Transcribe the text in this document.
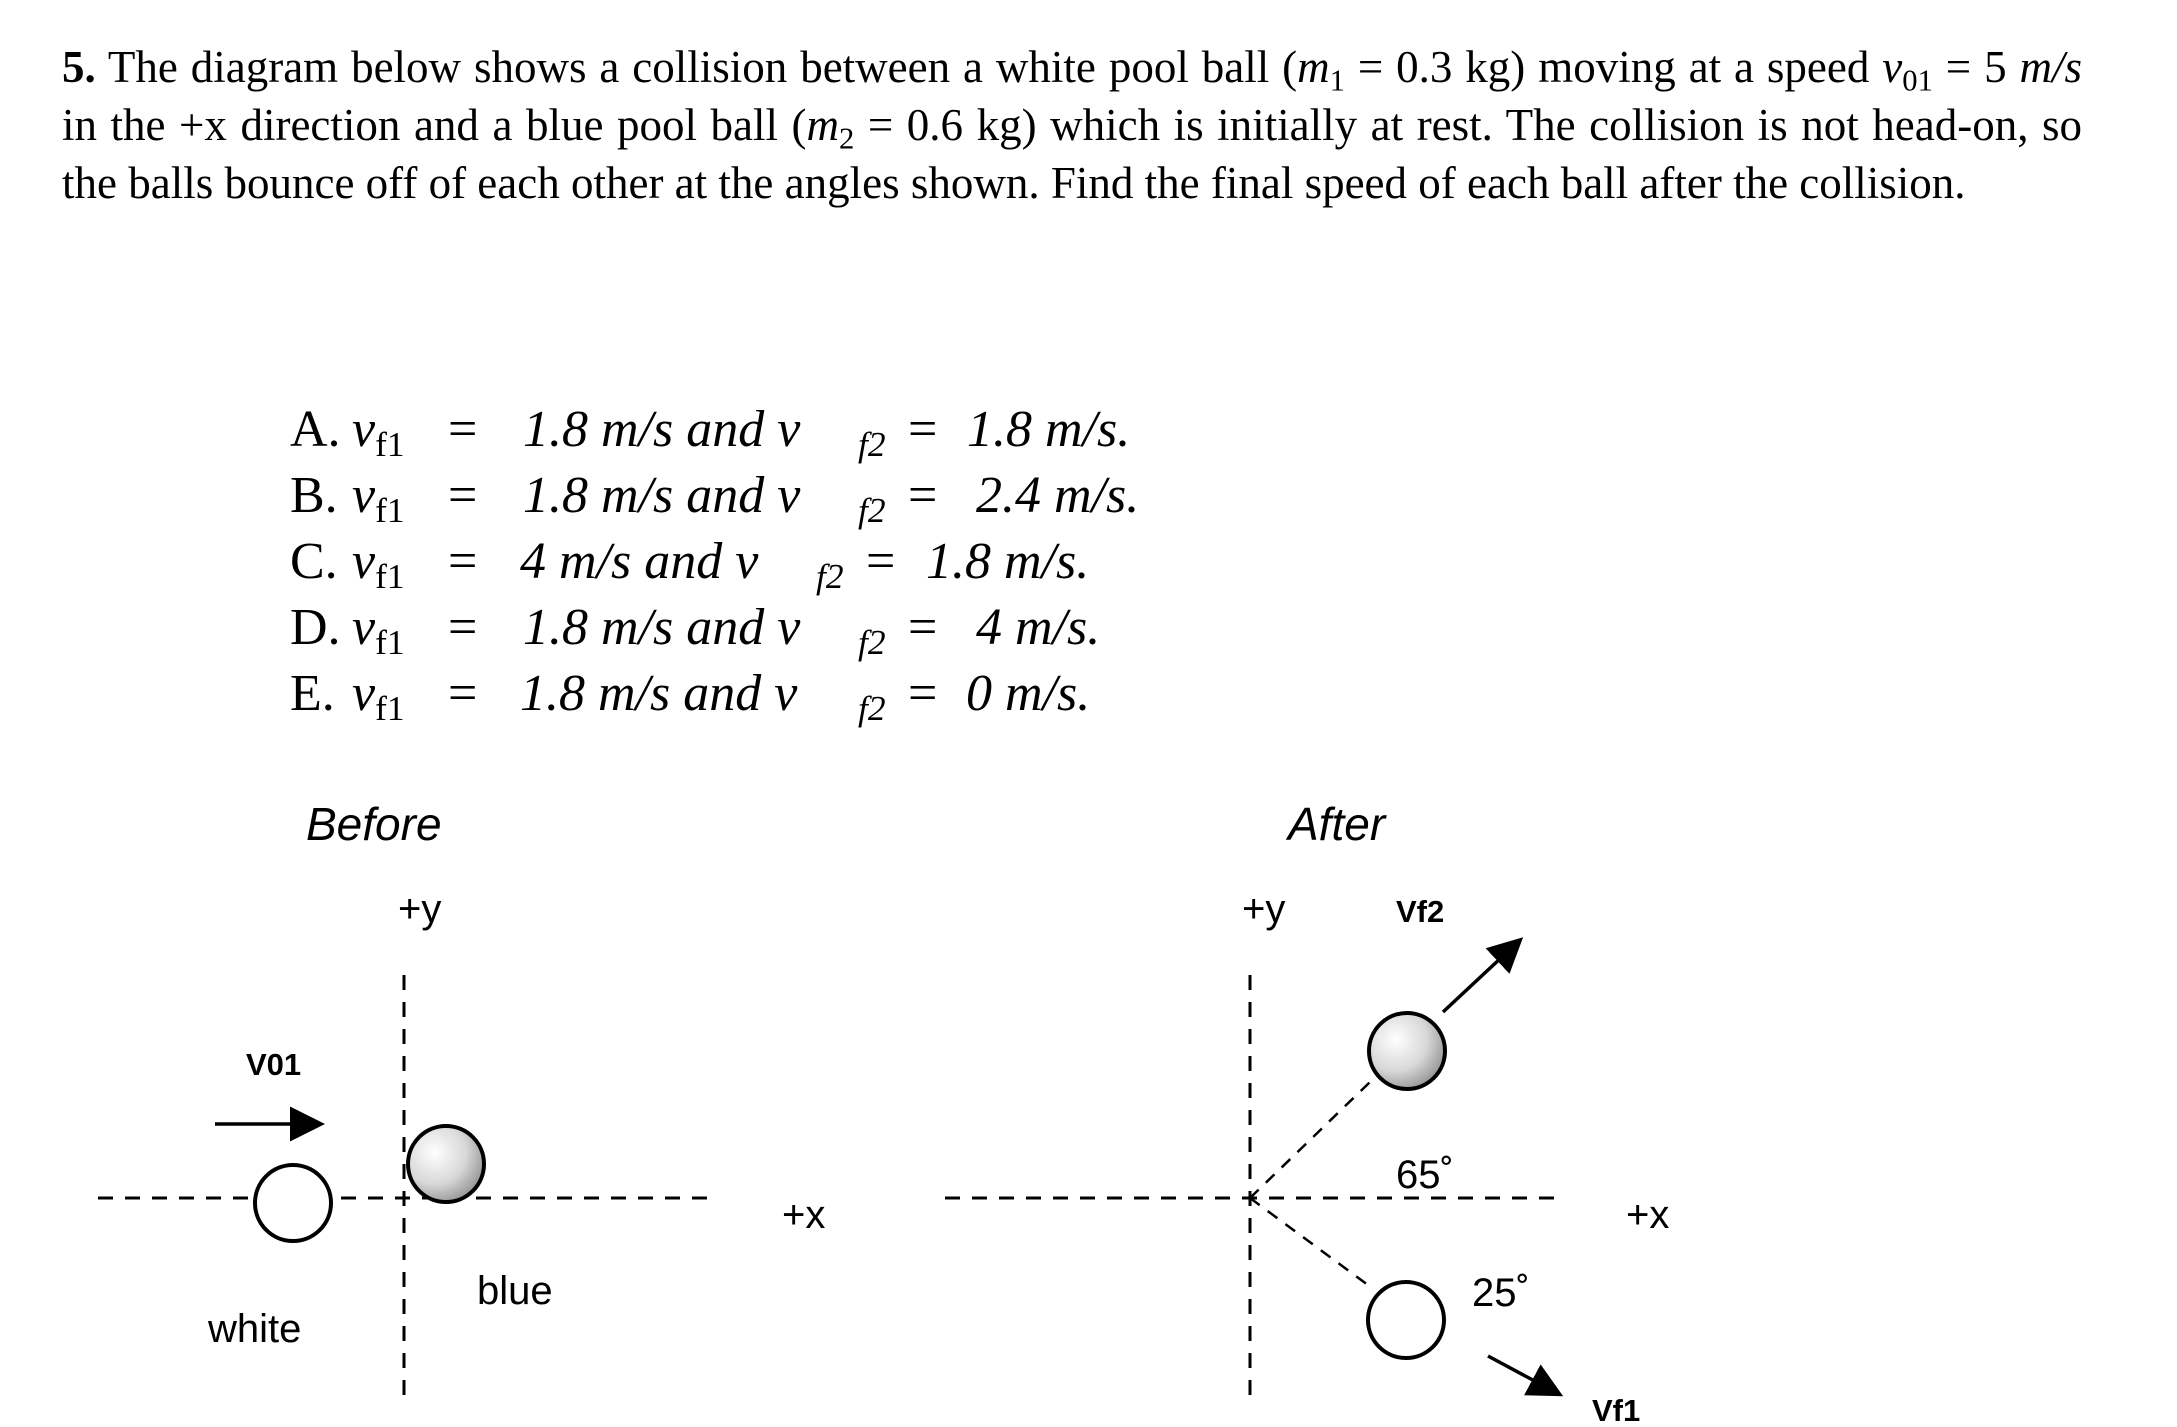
5. The diagram below shows a collision between a white pool ball ($m_1 = 0.3$ kg) moving at a speed $v_{01} = 5$ m/s in the +x direction and a blue pool ball ($m_2 = 0.6$ kg) which is initially at rest. The collision is not head-on, so the balls bounce off of each other at the angles shown. Find the final speed of each ball after the collision.
A. $v_{f1} = 1.8$ m/s and v $_{f2}$ = 1.8 m/s.
B. $v_{f1} = 1.8$ m/s and v $_{f2}$ = 2.4 m/s.
C. $v_{f1} = 4$ m/s and v $_{f2}$ = 1.8 m/s.
D. $v_{f1} = 1.8$ m/s and v $_{f2}$ = 4 m/s.
E. $v_{f1} = 1.8$ m/s and v $_{f2}$ = 0 m/s.
Before
+y
+x
V01
white
blue
After
+y
+x
Vf2
Vf1
65˚
25˚
